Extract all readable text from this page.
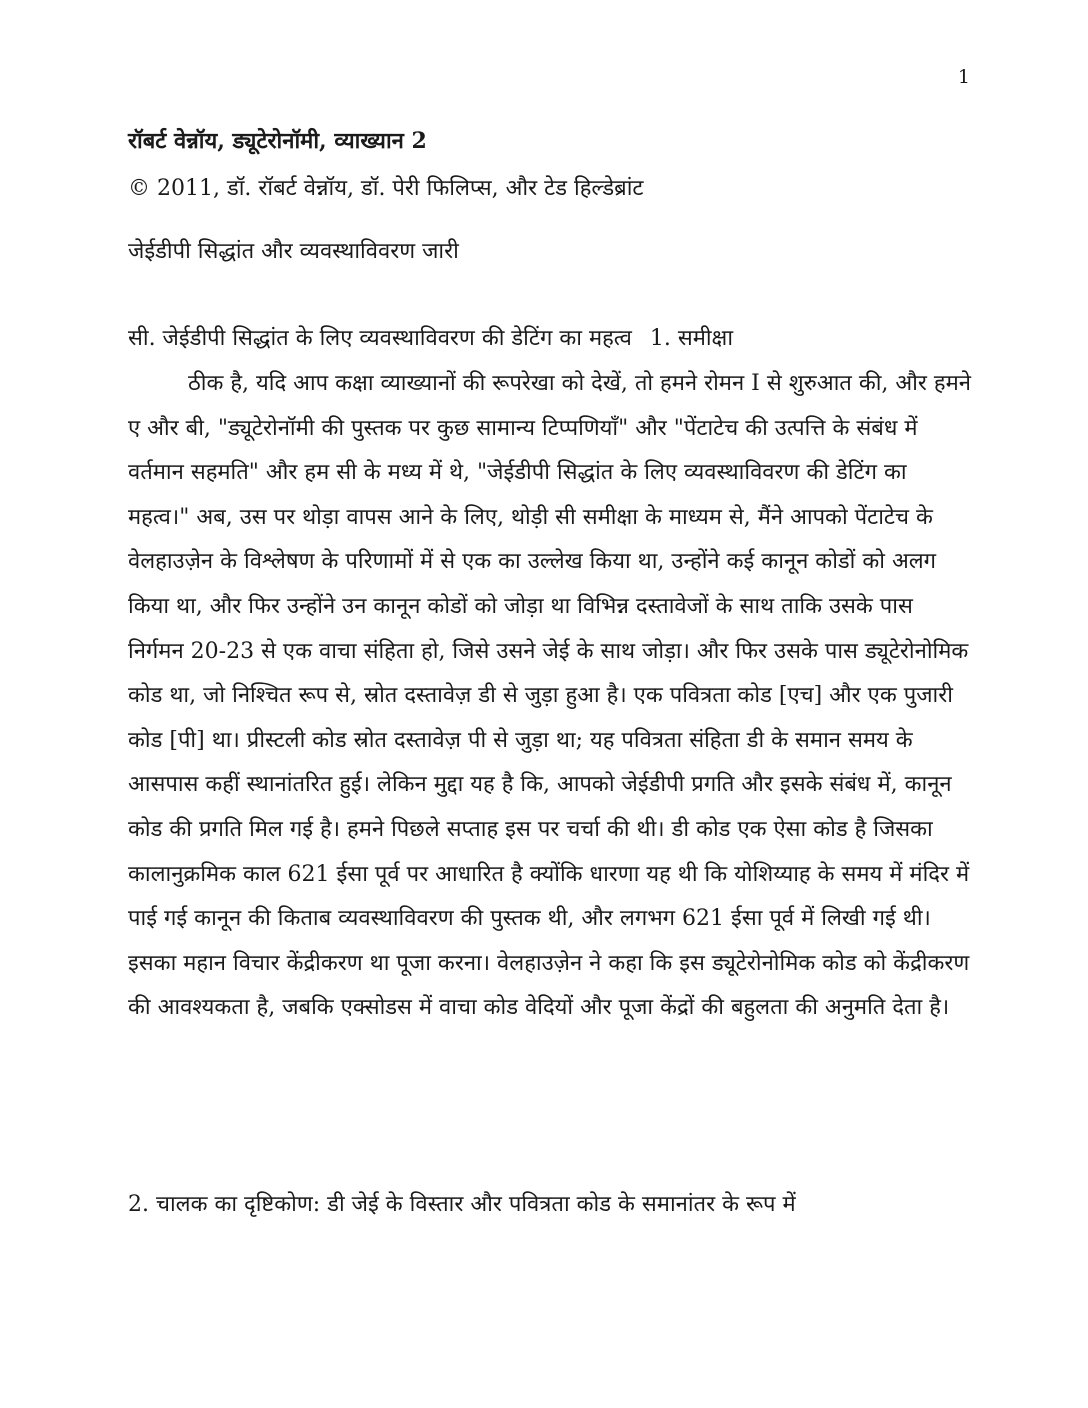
1
रॉबर्ट वेन्नॉय, ड्यूटेरोनॉमी, व्याख्यान 2
© 2011, डॉ. रॉबर्ट वेन्नॉय, डॉ. पेरी फिलिप्स, और टेड हिल्डेब्रांट
जेईडीपी सिद्धांत और व्यवस्थाविवरण जारी
सी. जेईडीपी सिद्धांत के लिए व्यवस्थाविवरण की डेटिंग का महत्व 1. समीक्षा

ठीक है, यदि आप कक्षा व्याख्यानों की रूपरेखा को देखें, तो हमने रोमन I से शुरुआत की, और हमने ए और बी, "ड्यूटेरोनॉमी की पुस्तक पर कुछ सामान्य टिप्पणियाँ" और "पेंटाटेच की उत्पत्ति के संबंध में वर्तमान सहमति" और हम सी के मध्य में थे, "जेईडीपी सिद्धांत के लिए व्यवस्थाविवरण की डेटिंग का महत्व।" अब, उस पर थोड़ा वापस आने के लिए, थोड़ी सी समीक्षा के माध्यम से, मैंने आपको पेंटाटेच के वेलहाउज़ेन के विश्लेषण के परिणामों में से एक का उल्लेख किया था, उन्होंने कई कानून कोडों को अलग किया था, और फिर उन्होंने उन कानून कोडों को जोड़ा था विभिन्न दस्तावेजों के साथ ताकि उसके पास निर्गमन 20-23 से एक वाचा संहिता हो, जिसे उसने जेई के साथ जोड़ा। और फिर उसके पास ड्यूटेरोनोमिक कोड था, जो निश्चित रूप से, स्रोत दस्तावेज़ डी से जुड़ा हुआ है। एक पवित्रता कोड [एच] और एक पुजारी कोड [पी] था। प्रीस्टली कोड स्रोत दस्तावेज़ पी से जुड़ा था; यह पवित्रता संहिता डी के समान समय के आसपास कहीं स्थानांतरित हुई। लेकिन मुद्दा यह है कि, आपको जेईडीपी प्रगति और इसके संबंध में, कानून कोड की प्रगति मिल गई है। हमने पिछले सप्ताह इस पर चर्चा की थी। डी कोड एक ऐसा कोड है जिसका कालानुक्रमिक काल 621 ईसा पूर्व पर आधारित है क्योंकि धारणा यह थी कि योशिय्याह के समय में मंदिर में पाई गई कानून की किताब व्यवस्थाविवरण की पुस्तक थी, और लगभग 621 ईसा पूर्व में लिखी गई थी। इसका महान विचार केंद्रीकरण था पूजा करना। वेलहाउज़ेन ने कहा कि इस ड्यूटेरोनोमिक कोड को केंद्रीकरण की आवश्यकता है, जबकि एक्सोडस में वाचा कोड वेदियों और पूजा केंद्रों की बहुलता की अनुमति देता है।

2. चालक का दृष्टिकोण: डी जेई के विस्तार और पवित्रता कोड के समानांतर के रूप में
